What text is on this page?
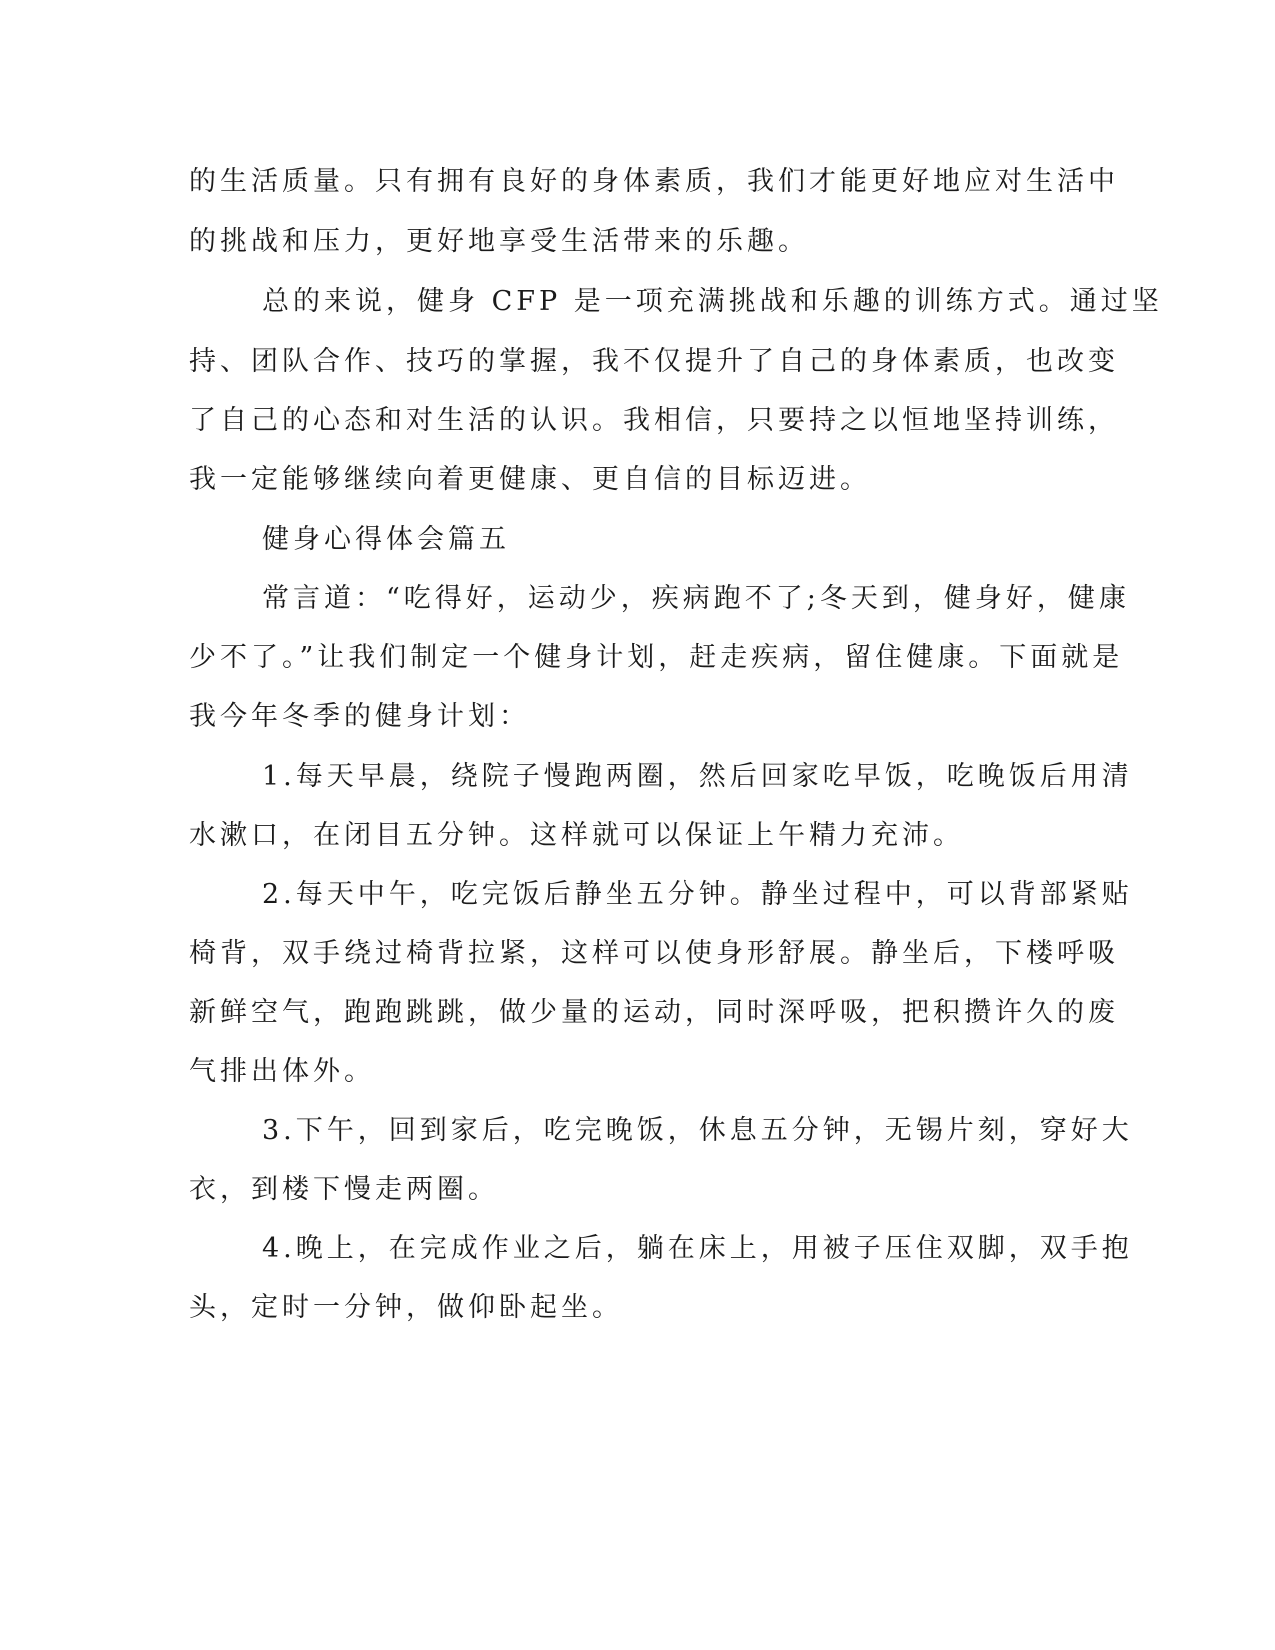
的生活质量。只有拥有良好的身体素质，我们才能更好地应对生活中
的挑战和压力，更好地享受生活带来的乐趣。
总的来说，健身 CFP 是一项充满挑战和乐趣的训练方式。通过坚
持、团队合作、技巧的掌握，我不仅提升了自己的身体素质，也改变
了自己的心态和对生活的认识。我相信，只要持之以恒地坚持训练，
我一定能够继续向着更健康、更自信的目标迈进。
健身心得体会篇五
常言道：“吃得好，运动少，疾病跑不了;冬天到，健身好，健康
少不了。”让我们制定一个健身计划，赶走疾病，留住健康。下面就是
我今年冬季的健身计划：
1.每天早晨，绕院子慢跑两圈，然后回家吃早饭，吃晚饭后用清
水漱口，在闭目五分钟。这样就可以保证上午精力充沛。
2.每天中午，吃完饭后静坐五分钟。静坐过程中，可以背部紧贴
椅背，双手绕过椅背拉紧，这样可以使身形舒展。静坐后，下楼呼吸
新鲜空气，跑跑跳跳，做少量的运动，同时深呼吸，把积攒许久的废
气排出体外。
3.下午，回到家后，吃完晚饭，休息五分钟，无锡片刻，穿好大
衣，到楼下慢走两圈。
4.晚上，在完成作业之后，躺在床上，用被子压住双脚，双手抱
头，定时一分钟，做仰卧起坐。
